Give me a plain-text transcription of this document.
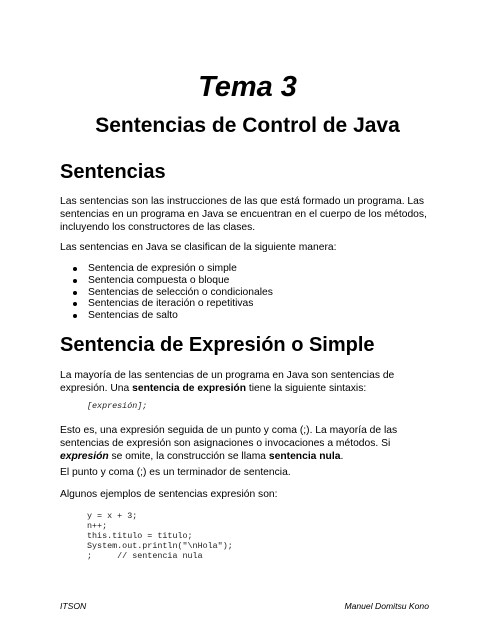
Tema 3
Sentencias de Control de Java
Sentencias

Las sentencias son las instrucciones de las que está formado un programa. Las sentencias en un programa en Java se encuentran en el cuerpo de los métodos, incluyendo los constructores de las clases.

Las sentencias en Java se clasifican de la siguiente manera:

Sentencia de expresión o simple
Sentencia compuesta o bloque
Sentencias de selección o condicionales
Sentencias de iteración o repetitivas
Sentencias de salto
Sentencia de Expresión o Simple

La mayoría de las sentencias de un programa en Java son sentencias de expresión. Una sentencia de expresión tiene la siguiente sintaxis:

[expresión];

Esto es, una expresión seguida de un punto y coma (;). La mayoría de las sentencias de expresión son asignaciones o invocaciones a métodos. Si expresión se omite, la construcción se llama sentencia nula.

El punto y coma (;) es un terminador de sentencia.

Algunos ejemplos de sentencias expresión son:

y = x + 3;
n++;
this.titulo = titulo;
System.out.println("\nHola");
;     // sentencia nula
ITSON	Manuel Domitsu Kono
